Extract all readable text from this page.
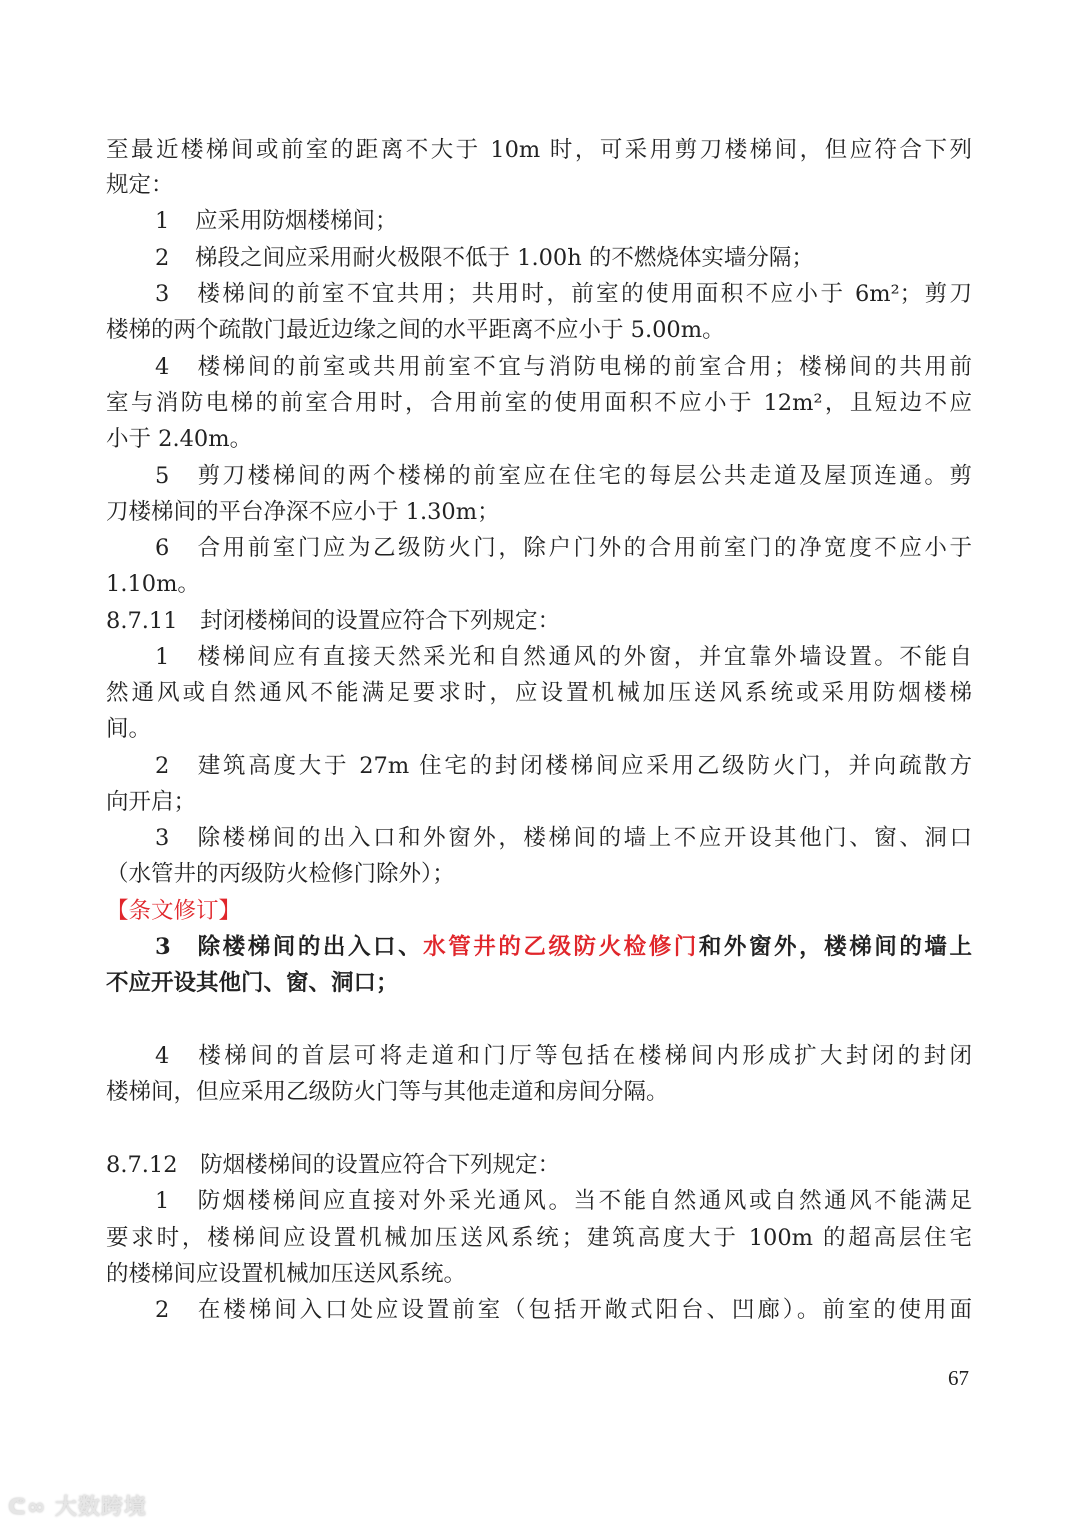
至最近楼梯间或前室的距离不大于 10m 时，可采用剪刀楼梯间，但应符合下列
规定：
1 应采用防烟楼梯间；
2 梯段之间应采用耐火极限不低于 1.00h 的不燃烧体实墙分隔；
3 楼梯间的前室不宜共用；共用时，前室的使用面积不应小于 6m²；剪刀
楼梯的两个疏散门最近边缘之间的水平距离不应小于 5.00m。
4 楼梯间的前室或共用前室不宜与消防电梯的前室合用；楼梯间的共用前
室与消防电梯的前室合用时，合用前室的使用面积不应小于 12m²，且短边不应
小于 2.40m。
5 剪刀楼梯间的两个楼梯的前室应在住宅的每层公共走道及屋顶连通。剪
刀楼梯间的平台净深不应小于 1.30m；
6 合用前室门应为乙级防火门，除户门外的合用前室门的净宽度不应小于
1.10m。
8.7.11　封闭楼梯间的设置应符合下列规定：
1 楼梯间应有直接天然采光和自然通风的外窗，并宜靠外墙设置。不能自
然通风或自然通风不能满足要求时，应设置机械加压送风系统或采用防烟楼梯
间。
2 建筑高度大于 27m 住宅的封闭楼梯间应采用乙级防火门，并向疏散方
向开启；
3 除楼梯间的出入口和外窗外，楼梯间的墙上不应开设其他门、窗、洞口
（水管井的丙级防火检修门除外）；
【条文修订】
3 除楼梯间的出入口、水管井的乙级防火检修门和外窗外，楼梯间的墙上
不应开设其他门、窗、洞口；
4 楼梯间的首层可将走道和门厅等包括在楼梯间内形成扩大封闭的封闭
楼梯间，但应采用乙级防火门等与其他走道和房间分隔。
8.7.12　防烟楼梯间的设置应符合下列规定：
1 防烟楼梯间应直接对外采光通风。当不能自然通风或自然通风不能满足
要求时，楼梯间应设置机械加压送风系统；建筑高度大于 100m 的超高层住宅
的楼梯间应设置机械加压送风系统。
2 在楼梯间入口处应设置前室（包括开敞式阳台、凹廊）。前室的使用面
67
ᕦ∞ 大数跨境
